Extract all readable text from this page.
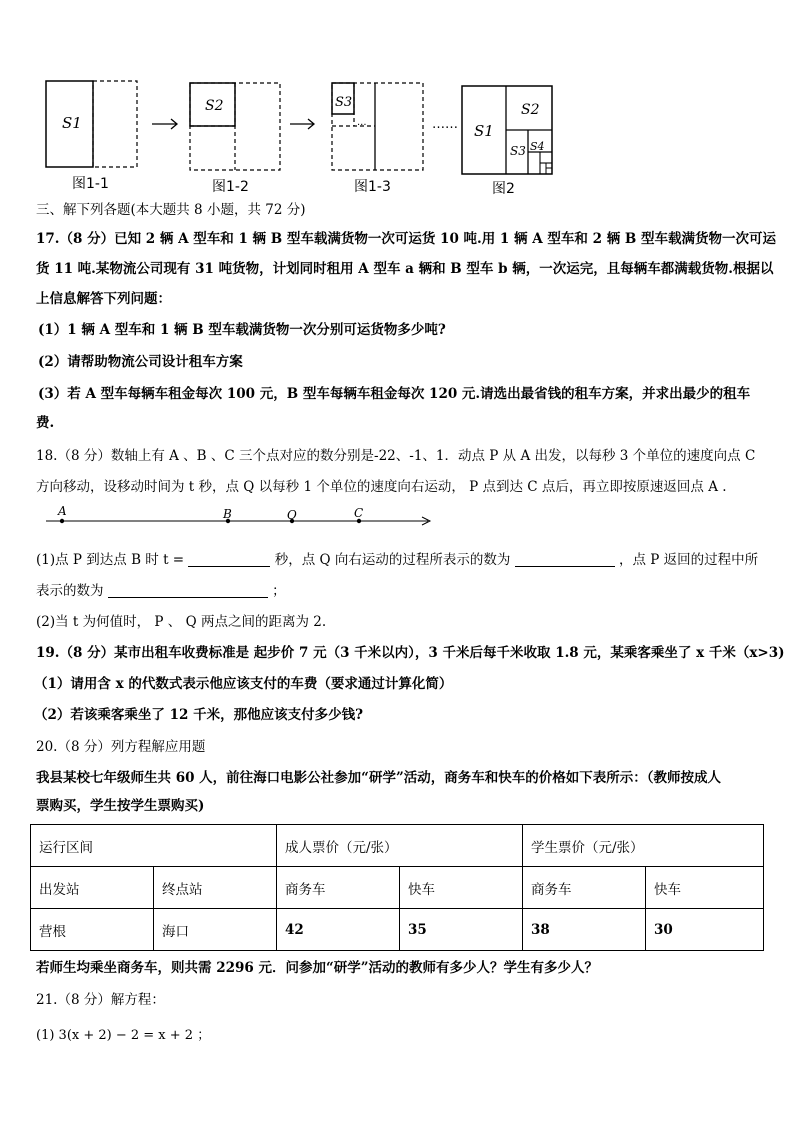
S1
S2	S3
···	…… S1
S2
S3 S4
图1-1	图1-2	图1-3	图2
三、解下列各题(本大题共 8 小题，共 72 分)
17.（8 分）已知 2 辆 A 型车和 1 辆 B 型车载满货物一次可运货 10 吨.用 1 辆 A 型车和 2 辆 B 型车载满货物一次可运
货 11 吨.某物流公司现有 31 吨货物，计划同时租用 A 型车 a 辆和 B 型车 b 辆，一次运完，且每辆车都满载货物.根据以
上信息解答下列问题：
(1）1 辆 A 型车和 1 辆 B 型车载满货物一次分别可运货物多少吨?
(2）请帮助物流公司设计租车方案
(3）若 A 型车每辆车租金每次 100 元，B 型车每辆车租金每次 120 元.请选出最省钱的租车方案，并求出最少的租车
费.
18.（8 分）数轴上有 A 、B 、C 三个点对应的数分别是-22、-1、1．动点 P 从 A 出发，以每秒 3 个单位的速度向点 C
方向移动，设移动时间为 t 秒，点 Q 以每秒 1 个单位的速度向右运动， P 点到达 C 点后，再立即按原速返回点 A .
A	B	O	C
(1)点 P 到达点 B 时 t =	秒，点 Q 向右运动的过程所表示的数为	，点 P 返回的过程中所
表示的数为	；
(2)当 t 为何值时， P 、 Q 两点之间的距离为 2.
19.（8 分）某市出租车收费标准是 起步价 7 元（3 千米以内），3 千米后每千米收取 1.8 元，某乘客乘坐了 x 千米（x>3)
（1）请用含 x 的代数式表示他应该支付的车费（要求通过计算化简）
（2）若该乘客乘坐了 12 千米，那他应该支付多少钱?
20.（8 分）列方程解应用题
我县某校七年级师生共 60 人，前往海口电影公社参加“研学”活动，商务车和快车的价格如下表所示：（教师按成人
票购买，学生按学生票购买)
运行区间		成人票价（元/张）		学生票价（元/张）	
出发站	终点站	商务车	快车	商务车	快车
营根	海口	42	35	38	30
若师生均乘坐商务车，则共需 2296 元．问参加“研学”活动的教师有多少人？学生有多少人？
21.（8 分）解方程：
(1) 3(x + 2) − 2 = x + 2 ；
